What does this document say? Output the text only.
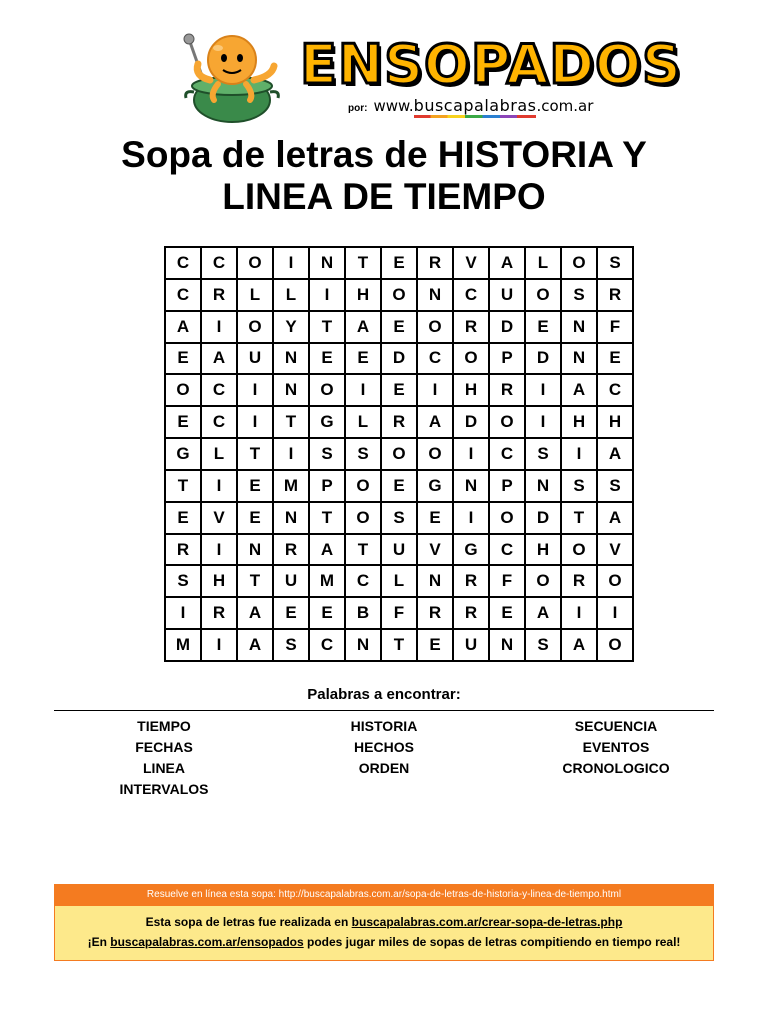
ENSOPADOS
por: www.buscapalabras.com.ar
Sopa de letras de HISTORIA Y
LINEA DE TIEMPO
C	C	O	I	N	T	E	R	V	A	L	O	S
C	R	L	L	I	H	O	N	C	U	O	S	R
A	I	O	Y	T	A	E	O	R	D	E	N	F
E	A	U	N	E	E	D	C	O	P	D	N	E
O	C	I	N	O	I	E	I	H	R	I	A	C
E	C	I	T	G	L	R	A	D	O	I	H	H
G	L	T	I	S	S	O	O	I	C	S	I	A
T	I	E	M	P	O	E	G	N	P	N	S	S
E	V	E	N	T	O	S	E	I	O	D	T	A
R	I	N	R	A	T	U	V	G	C	H	O	V
S	H	T	U	M	C	L	N	R	F	O	R	O
I	R	A	E	E	B	F	R	R	E	A	I	I
M	I	A	S	C	N	T	E	U	N	S	A	O
Palabras a encontrar:
TIEMPO
FECHAS
LINEA
INTERVALOS
HISTORIA
HECHOS
ORDEN
SECUENCIA
EVENTOS
CRONOLOGICO
Resuelve en línea esta sopa: http://buscapalabras.com.ar/sopa-de-letras-de-historia-y-linea-de-tiempo.html
Esta sopa de letras fue realizada en buscapalabras.com.ar/crear-sopa-de-letras.php
¡En buscapalabras.com.ar/ensopados podes jugar miles de sopas de letras compitiendo en tiempo real!
